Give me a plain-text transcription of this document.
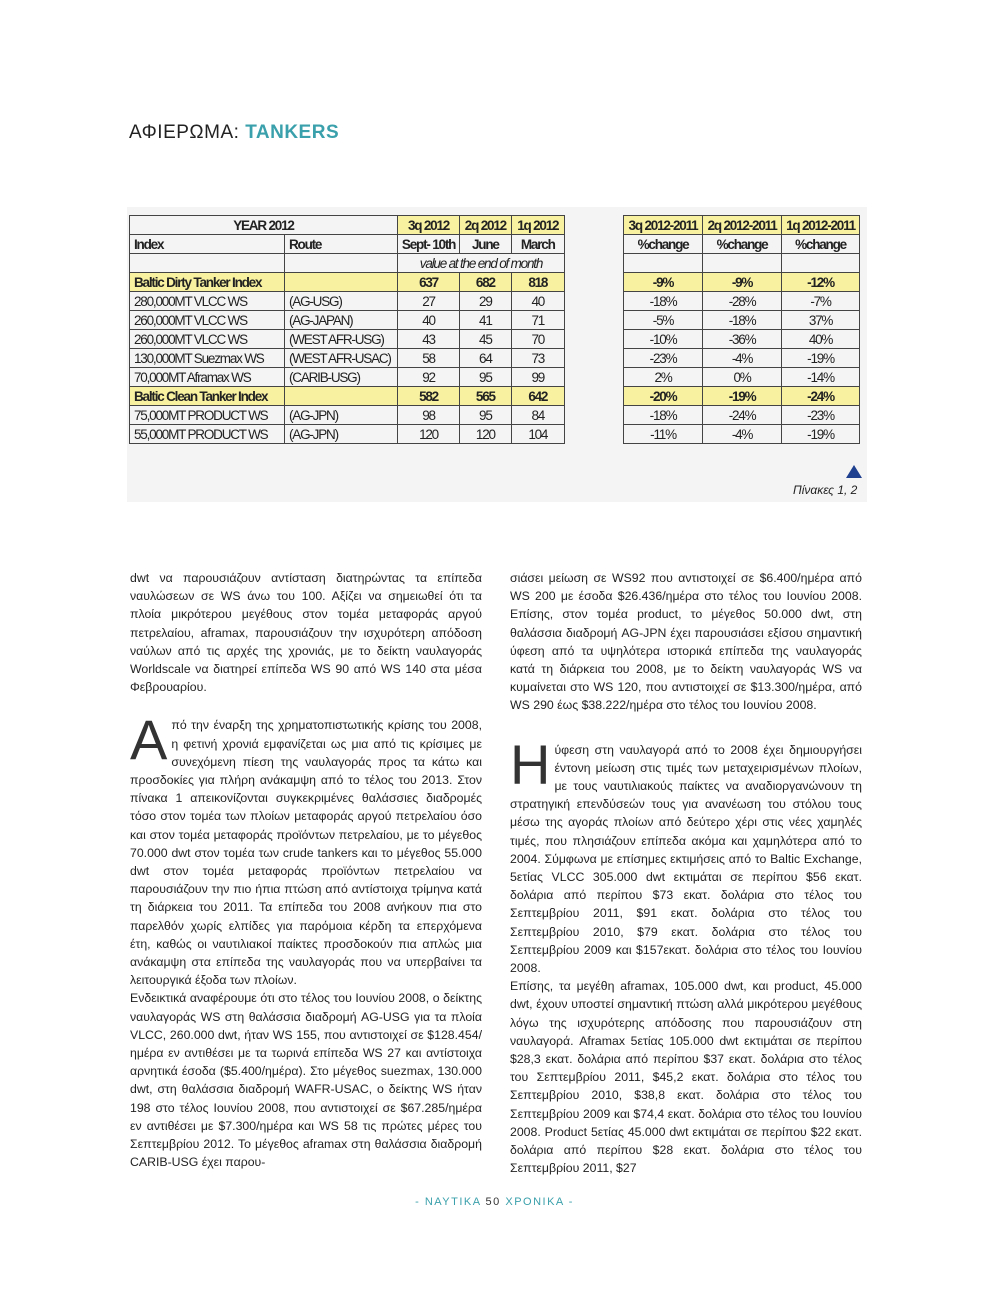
ΑΦΙΕΡΩΜΑ: TANKERS
YEAR 2012		3q 2012	2q 2012	1q 2012
Index	Route	Sept- 10th	June	March
		value at the end of month		
Baltic Dirty Tanker Index		637	682	818
280,000MT VLCC WS	(AG-USG)	27	29	40
260,000MT VLCC WS	(AG-JAPAN)	40	41	71
260,000MT VLCC WS	(WEST AFR-USG)	43	45	70
130,000MT Suezmax WS	(WEST AFR-USAC)	58	64	73
70,000MT Aframax WS	(CARIB-USG)	92	95	99
Baltic Clean Tanker Index		582	565	642
75,000MT PRODUCT WS	(AG-JPN)	98	95	84
55,000MT PRODUCT WS	(AG-JPN)	120	120	104
3q 2012-2011	2q 2012-2011	1q 2012-2011
%change	%change	%change

-9%	-9%	-12%
-18%	-28%	-7%
-5%	-18%	37%
-10%	-36%	40%
-23%	-4%	-19%
2%	0%	-14%
-20%	-19%	-24%
-18%	-24%	-23%
-11%	-4%	-19%
Πίνακες 1, 2

dwt να παρουσιάζουν αντίσταση διατηρώντας τα επίπεδα ναυλώσεων σε WS άνω του 100. Αξίζει να σημειωθεί ότι τα πλοία μικρότερου μεγέθους στον τομέα μεταφοράς αργού πετρελαίου, aframax, παρουσιάζουν την ισχυρότερη απόδοση ναύλων από τις αρχές της χρονιάς, με το δείκτη ναυλαγοράς Worldscale να διατηρεί επίπεδα WS 90 από WS 140 στα μέσα Φεβρουαρίου.

Από την έναρξη της χρηματοπιστωτικής κρίσης του 2008, η φετινή χρονιά εμφανίζεται ως μια από τις κρίσιμες με συνεχόμενη πίεση της ναυλαγοράς προς τα κάτω και προσδοκίες για πλήρη ανάκαμψη από το τέλος του 2013. Στον πίνακα 1 απεικονίζονται συγκεκριμένες θαλάσσιες διαδρομές τόσο στον τομέα των πλοίων μεταφοράς αργού πετρελαίου όσο και στον τομέα μεταφοράς προϊόντων πετρελαίου, με το μέγεθος 70.000 dwt στον τομέα των crude tankers και το μέγεθος 55.000 dwt στον τομέα μεταφοράς προϊόντων πετρελαίου να παρουσιάζουν την πιο ήπια πτώση από αντίστοιχα τρίμηνα κατά τη διάρκεια του 2011. Τα επίπεδα του 2008 ανήκουν πια στο παρελθόν χωρίς ελπίδες για παρόμοια κέρδη τα επερχόμενα έτη, καθώς οι ναυτιλιακοί παίκτες προσδοκούν πια απλώς μια ανάκαμψη στα επίπεδα της ναυλαγοράς που να υπερβαίνει τα λειτουργικά έξοδα των πλοίων.

Ενδεικτικά αναφέρουμε ότι στο τέλος του Ιουνίου 2008, ο δείκτης ναυλαγοράς WS στη θαλάσσια διαδρομή AG-USG για τα πλοία VLCC, 260.000 dwt, ήταν WS 155, που αντιστοιχεί σε $128.454/ημέρα εν αντιθέσει με τα τωρινά επίπεδα WS 27 και αντίστοιχα αρνητικά έσοδα ($5.400/ημέρα). Στο μέγεθος suezmax, 130.000 dwt, στη θαλάσσια διαδρομή WAFR-USAC, ο δείκτης WS ήταν 198 στο τέλος Ιουνίου 2008, που αντιστοιχεί σε $67.285/ημέρα εν αντιθέσει με $7.300/ημέρα και WS 58 τις πρώτες μέρες του Σεπτεμβρίου 2012. Το μέγεθος aframax στη θαλάσσια διαδρομή CARIB-USG έχει παρου-

σιάσει μείωση σε WS92 που αντιστοιχεί σε $6.400/ημέρα από WS 200 με έσοδα $26.436/ημέρα στο τέλος του Ιουνίου 2008. Επίσης, στον τομέα product, το μέγεθος 50.000 dwt, στη θαλάσσια διαδρομή AG-JPN έχει παρουσιάσει εξίσου σημαντική ύφεση από τα υψηλότερα ιστορικά επίπεδα της ναυλαγοράς κατά τη διάρκεια του 2008, με το δείκτη ναυλαγοράς WS να κυμαίνεται στο WS 120, που αντιστοιχεί σε $13.300/ημέρα, από WS 290 έως $38.222/ημέρα στο τέλος του Ιουνίου 2008.

Η ύφεση στη ναυλαγορά από το 2008 έχει δημιουργήσει έντονη μείωση στις τιμές των μεταχειρισμένων πλοίων, με τους ναυτιλιακούς παίκτες να αναδιοργανώνουν τη στρατηγική επενδύσεών τους για ανανέωση του στόλου τους μέσω της αγοράς πλοίων από δεύτερο χέρι στις νέες χαμηλές τιμές, που πλησιάζουν επίπεδα ακόμα και χαμηλότερα από το 2004. Σύμφωνα με επίσημες εκτιμήσεις από το Baltic Exchange, 5ετίας VLCC 305.000 dwt εκτιμάται σε περίπου $56 εκατ. δολάρια από περίπου $73 εκατ. δολάρια στο τέλος του Σεπτεμβρίου 2011, $91 εκατ. δολάρια στο τέλος του Σεπτεμβρίου 2010, $79 εκατ. δολάρια στο τέλος του Σεπτεμβρίου 2009 και $157εκατ. δολάρια στο τέλος του Ιουνίου 2008.

Επίσης, τα μεγέθη aframax, 105.000 dwt, και product, 45.000 dwt, έχουν υποστεί σημαντική πτώση αλλά μικρότερου μεγέθους λόγω της ισχυρότερης απόδοσης που παρουσιάζουν στη ναυλαγορά. Aframax 5ετίας 105.000 dwt εκτιμάται σε περίπου $28,3 εκατ. δολάρια από περίπου $37 εκατ. δολάρια στο τέλος του Σεπτεμβρίου 2011, $45,2 εκατ. δολάρια στο τέλος του Σεπτεμβρίου 2010, $38,8 εκατ. δολάρια στο τέλος του Σεπτεμβρίου 2009 και $74,4 εκατ. δολάρια στο τέλος του Ιουνίου 2008. Product 5ετίας 45.000 dwt εκτιμάται σε περίπου $22 εκατ. δολάρια από περίπου $28 εκατ. δολάρια στο τέλος του Σεπτεμβρίου 2011, $27

- ΝΑΥΤΙΚΑ 50 ΧΡΟΝΙΚΑ -
